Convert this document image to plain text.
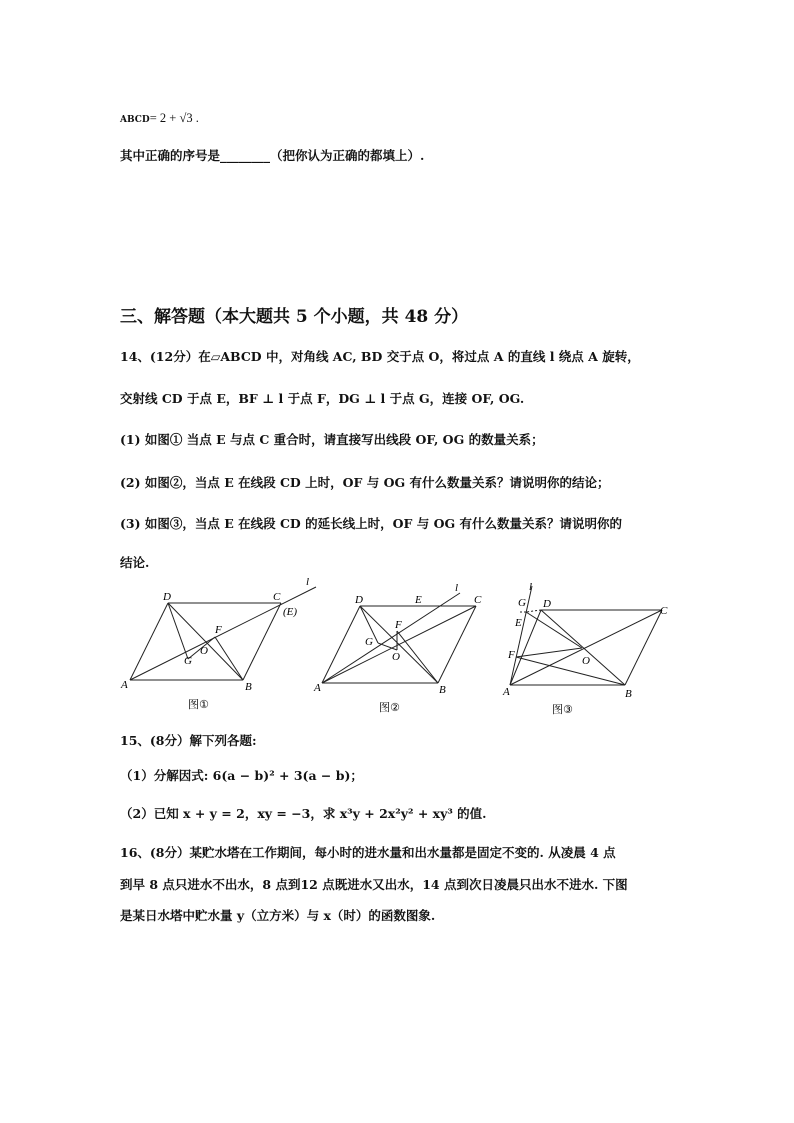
ABCD= 2 + √3 .
其中正确的序号是________（把你认为正确的都填上）.
三、解答题（本大题共 5 个小题，共 48 分）
14、(12分）在▱ABCD 中，对角线 AC, BD 交于点 O，将过点 A 的直线 l 绕点 A 旋转，
交射线 CD 于点 E，BF ⊥ l 于点 F，DG ⊥ l 于点 G，连接 OF, OG.
(1) 如图① 当点 E 与点 C 重合时，请直接写出线段 OF, OG 的数量关系；
(2) 如图②，当点 E 在线段 CD 上时，OF 与 OG 有什么数量关系？请说明你的结论；
(3) 如图③，当点 E 在线段 CD 的延长线上时，OF 与 OG 有什么数量关系？请说明你的
结论.
D	C
(E)
l
F
O
G
A	B
图①
D	E
l
C
F
G
O
A	B
图②
l
G D
E
C
F	O
A	B
图③
15、(8分）解下列各题:
（1）分解因式: 6(a − b)² + 3(a − b)；
（2）已知 x + y = 2，xy = −3，求 x³y + 2x²y² + xy³ 的值.
16、(8分）某贮水塔在工作期间，每小时的进水量和出水量都是固定不变的. 从凌晨 4 点
到早 8 点只进水不出水，8 点到12 点既进水又出水，14 点到次日凌晨只出水不进水. 下图
是某日水塔中贮水量 y（立方米）与 x（时）的函数图象.
